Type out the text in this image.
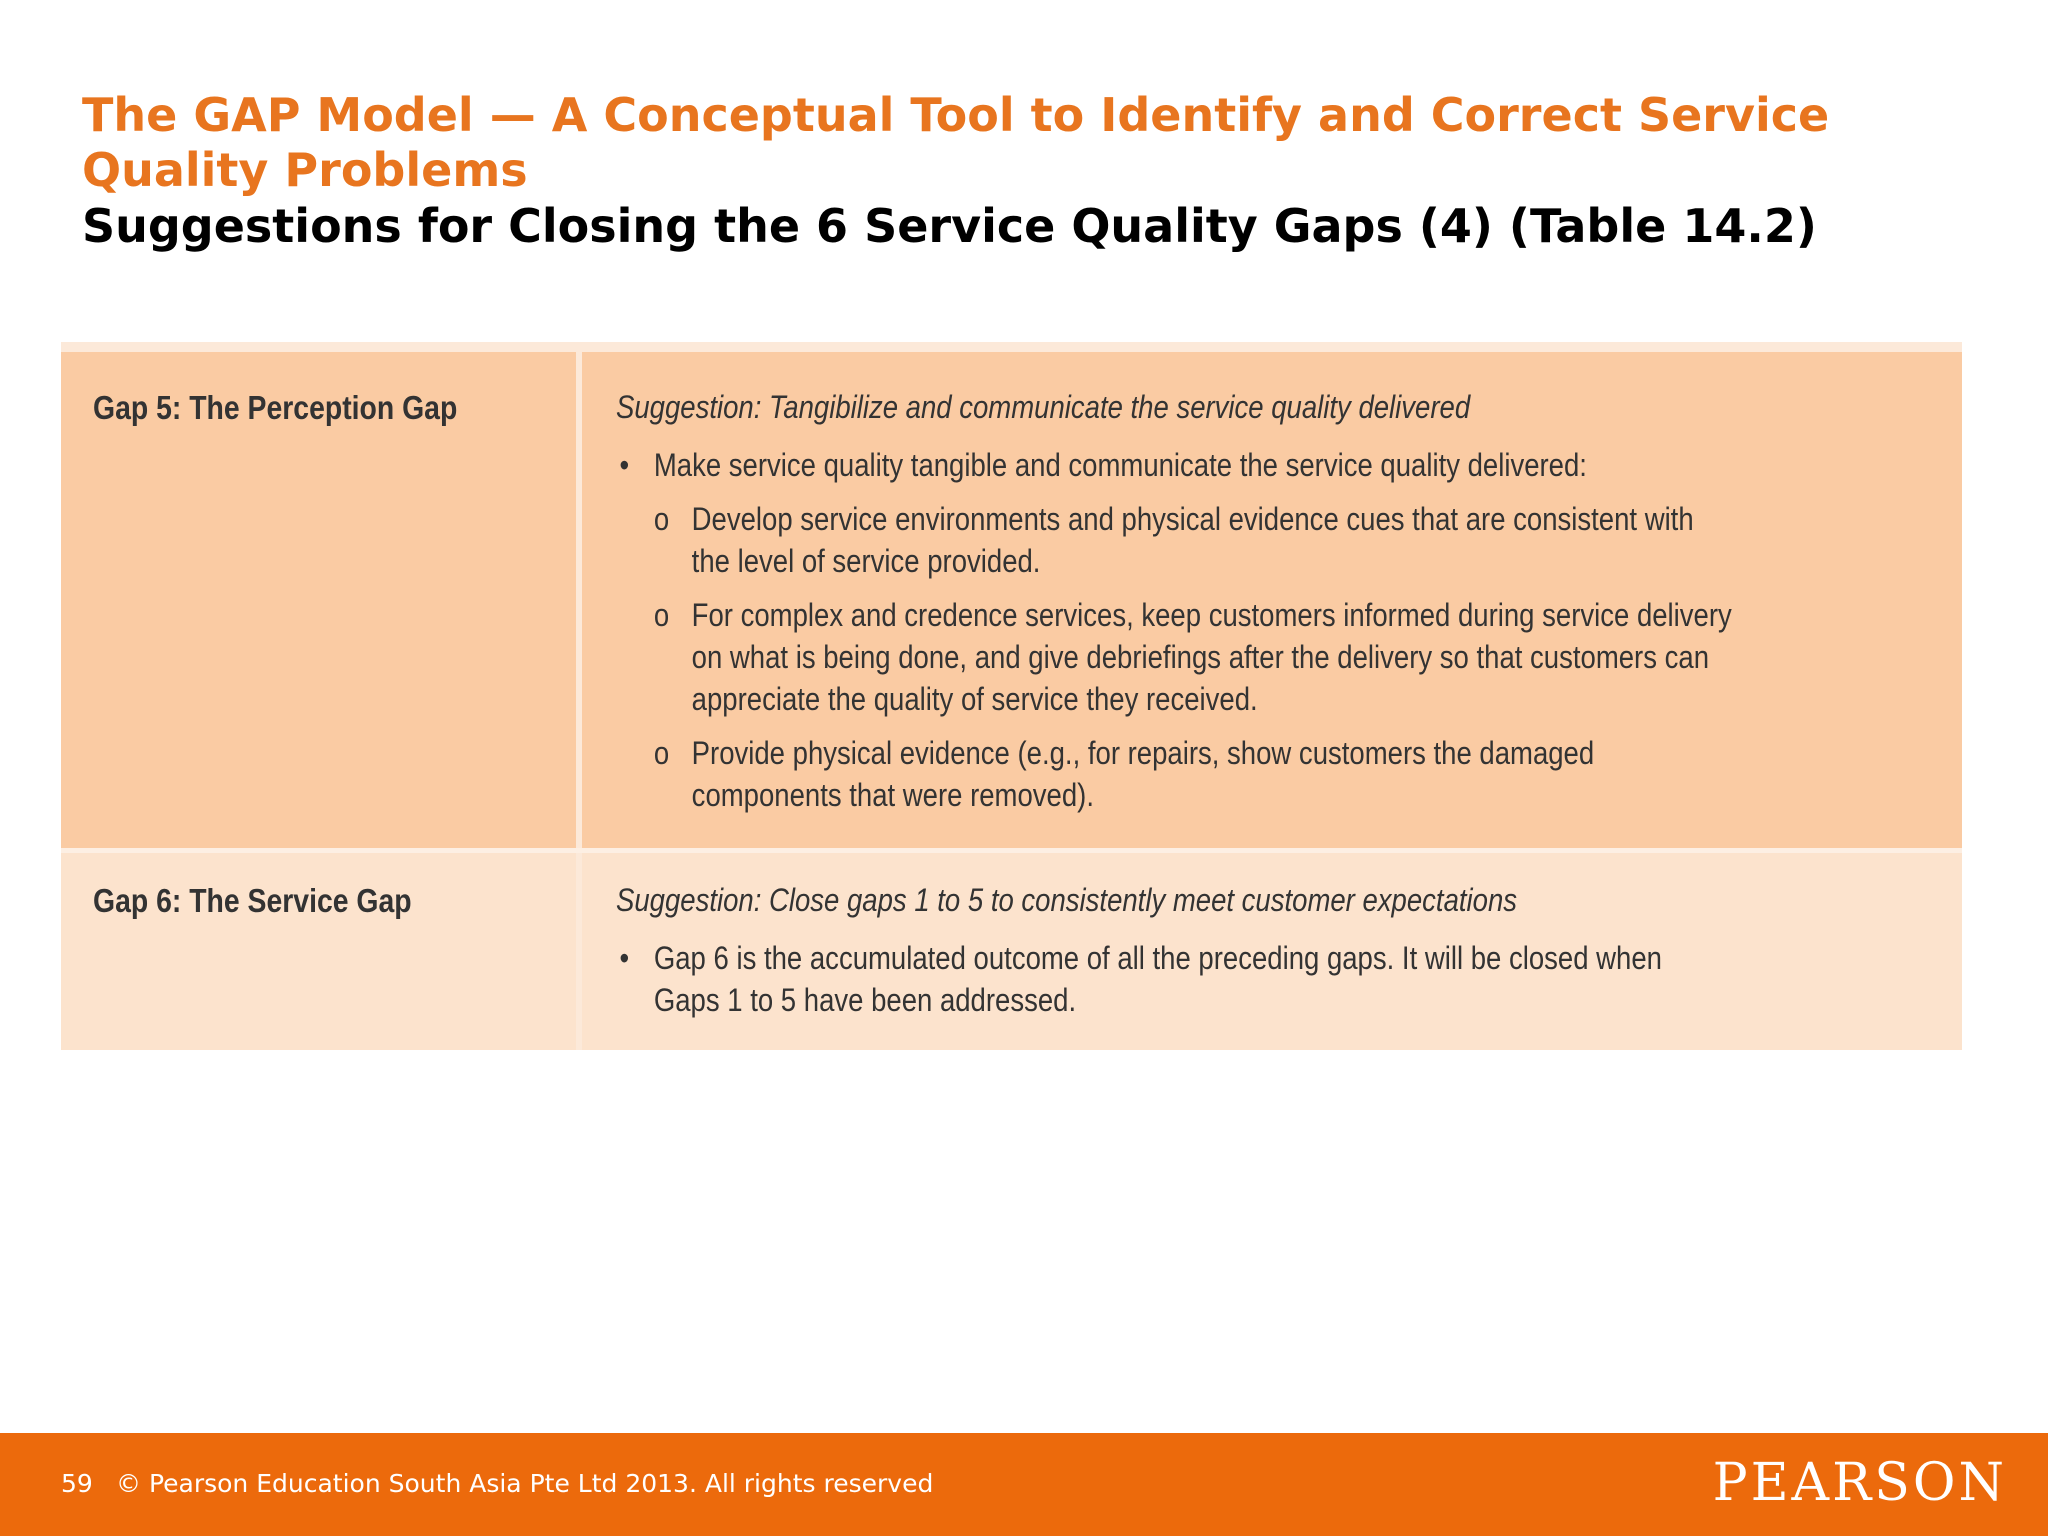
The GAP Model — A Conceptual Tool to Identify and Correct Service Quality Problems
Suggestions for Closing the 6 Service Quality Gaps (4) (Table 14.2)

Gap 5: The Perception Gap	Suggestion: Tangibilize and communicate the service quality delivered

• Make service quality tangible and communicate the service quality delivered:
o Develop service environments and physical evidence cues that are consistent with the level of service provided.
o For complex and credence services, keep customers informed during service delivery on what is being done, and give debriefings after the delivery so that customers can appreciate the quality of service they received.
o Provide physical evidence (e.g., for repairs, show customers the damaged components that were removed).

Gap 6: The Service Gap	Suggestion: Close gaps 1 to 5 to consistently meet customer expectations

• Gap 6 is the accumulated outcome of all the preceding gaps. It will be closed when Gaps 1 to 5 have been addressed.

59 © Pearson Education South Asia Pte Ltd 2013. All rights reserved	PEARSON
